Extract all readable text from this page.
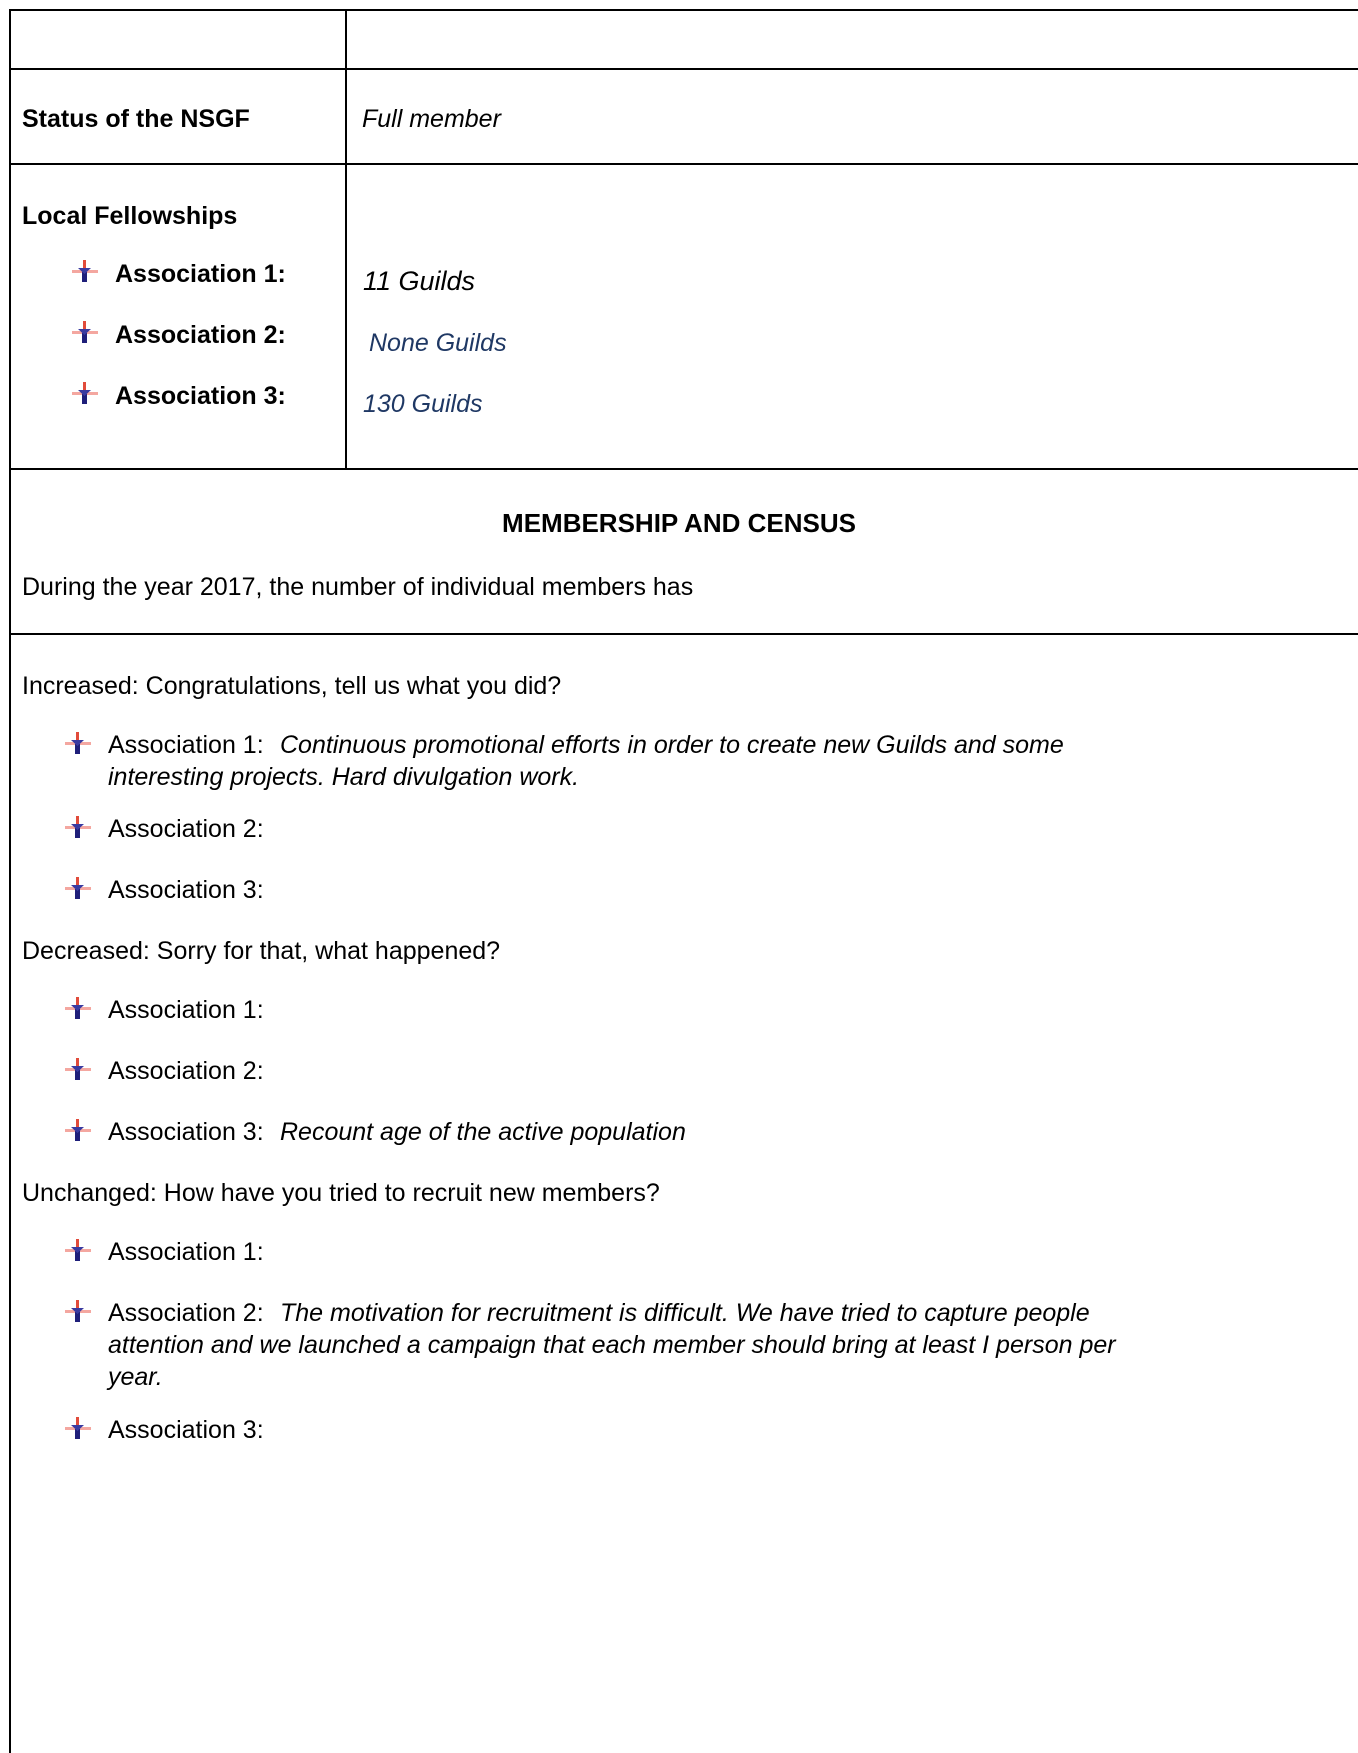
Status of the NSGF	Full member
Local Fellowships
Association 1:	11 Guilds
Association 2:	None Guilds
Association 3:	130 Guilds
MEMBERSHIP AND CENSUS
During the year 2017, the number of individual members has
Increased: Congratulations, tell us what you did?
Association 1: Continuous promotional efforts in order to create new Guilds and some
interesting projects. Hard divulgation work.
Association 2:
Association 3:
Decreased: Sorry for that, what happened?
Association 1:
Association 2:
Association 3: Recount age of the active population
Unchanged: How have you tried to recruit new members?
Association 1:
Association 2: The motivation for recruitment is difficult. We have tried to capture people
attention and we launched a campaign that each member should bring at least I person per
year.
Association 3:
